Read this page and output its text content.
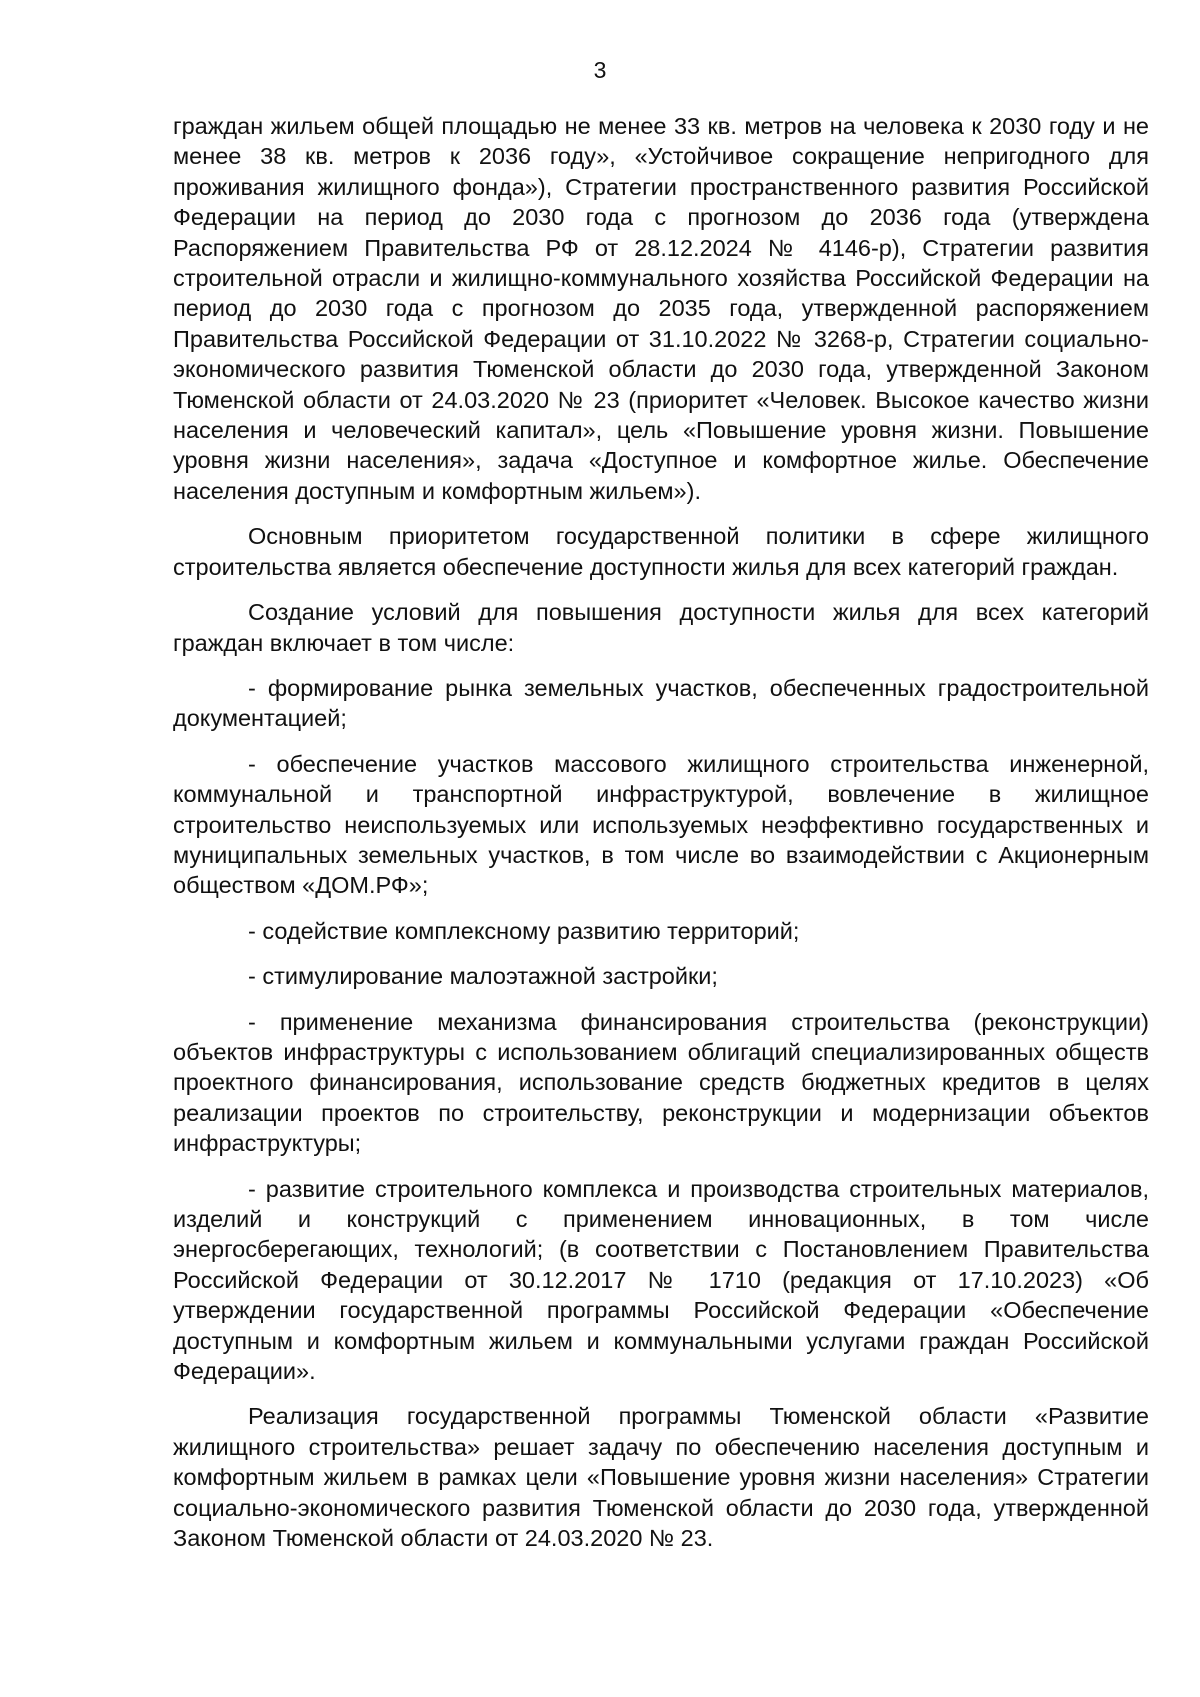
3

граждан жильем общей площадью не менее 33 кв. метров на человека к 2030 году и не менее 38 кв. метров к 2036 году», «Устойчивое сокращение непригодного для проживания жилищного фонда»), Стратегии пространственного развития Российской Федерации на период до 2030 года с прогнозом до 2036 года (утверждена Распоряжением Правительства РФ от 28.12.2024 № 4146-р), Стратегии развития строительной отрасли и жилищно-коммунального хозяйства Российской Федерации на период до 2030 года с прогнозом до 2035 года, утвержденной распоряжением Правительства Российской Федерации от 31.10.2022 № 3268-р, Стратегии социально-экономического развития Тюменской области до 2030 года, утвержденной Законом Тюменской области от 24.03.2020 № 23 (приоритет «Человек. Высокое качество жизни населения и человеческий капитал», цель «Повышение уровня жизни. Повышение уровня жизни населения», задача «Доступное и комфортное жилье. Обеспечение населения доступным и комфортным жильем»).

Основным приоритетом государственной политики в сфере жилищного строительства является обеспечение доступности жилья для всех категорий граждан.

Создание условий для повышения доступности жилья для всех категорий граждан включает в том числе:

- формирование рынка земельных участков, обеспеченных градостроительной документацией;

- обеспечение участков массового жилищного строительства инженерной, коммунальной и транспортной инфраструктурой, вовлечение в жилищное строительство неиспользуемых или используемых неэффективно государственных и муниципальных земельных участков, в том числе во взаимодействии с Акционерным обществом «ДОМ.РФ»;

- содействие комплексному развитию территорий;

- стимулирование малоэтажной застройки;

- применение механизма финансирования строительства (реконструкции) объектов инфраструктуры с использованием облигаций специализированных обществ проектного финансирования, использование средств бюджетных кредитов в целях реализации проектов по строительству, реконструкции и модернизации объектов инфраструктуры;

- развитие строительного комплекса и производства строительных материалов, изделий и конструкций с применением инновационных, в том числе энергосберегающих, технологий; (в соответствии с Постановлением Правительства Российской Федерации от 30.12.2017 № 1710 (редакция от 17.10.2023) «Об утверждении государственной программы Российской Федерации «Обеспечение доступным и комфортным жильем и коммунальными услугами граждан Российской Федерации».

Реализация государственной программы Тюменской области «Развитие жилищного строительства» решает задачу по обеспечению населения доступным и комфортным жильем в рамках цели «Повышение уровня жизни населения» Стратегии социально-экономического развития Тюменской области до 2030 года, утвержденной Законом Тюменской области от 24.03.2020 № 23.
